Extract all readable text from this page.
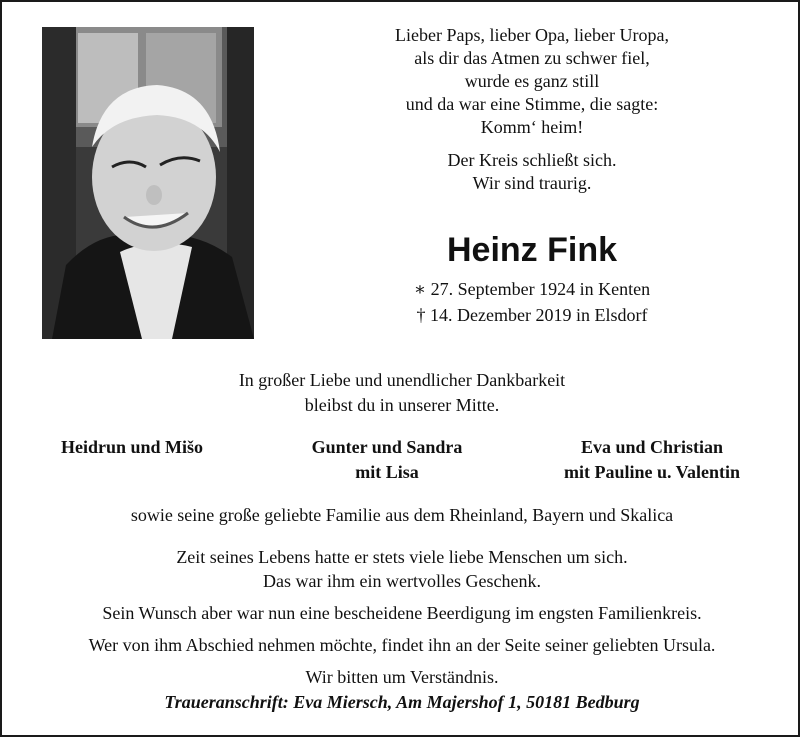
Lieber Paps, lieber Opa, lieber Uropa,
als dir das Atmen zu schwer fiel,
wurde es ganz still
und da war eine Stimme, die sagte:
Komm‘ heim!
Der Kreis schließt sich.
Wir sind traurig.
Heinz Fink
∗ 27. September 1924 in Kenten
† 14. Dezember 2019 in Elsdorf
In großer Liebe und unendlicher Dankbarkeit
bleibst du in unserer Mitte.
Heidrun und Mišo	Gunter und Sandra
mit Lisa
Eva und Christian
mit Pauline u. Valentin
sowie seine große geliebte Familie aus dem Rheinland, Bayern und Skalica
Zeit seines Lebens hatte er stets viele liebe Menschen um sich.
Das war ihm ein wertvolles Geschenk.
Sein Wunsch aber war nun eine bescheidene Beerdigung im engsten Familienkreis.
Wer von ihm Abschied nehmen möchte, findet ihn an der Seite seiner geliebten Ursula.
Wir bitten um Verständnis.
Traueranschrift: Eva Miersch, Am Majershof 1, 50181 Bedburg
